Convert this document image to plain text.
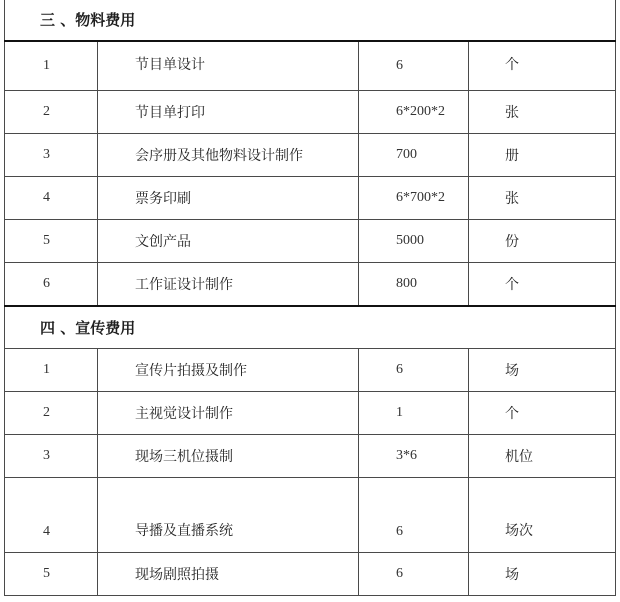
三 、物料费用			
1	节目单设计	6	个
2	节目单打印	6*200*2	张
3	会序册及其他物料设计制作	700	册
4	票务印刷	6*700*2	张
5	文创产品	5000	份
6	工作证设计制作	800	个
四 、宣传费用			
1	宣传片拍摄及制作	6	场
2	主视觉设计制作	1	个
3	现场三机位摄制	3*6	机位
4	导播及直播系统	6	场次
5	现场剧照拍摄	6	场
